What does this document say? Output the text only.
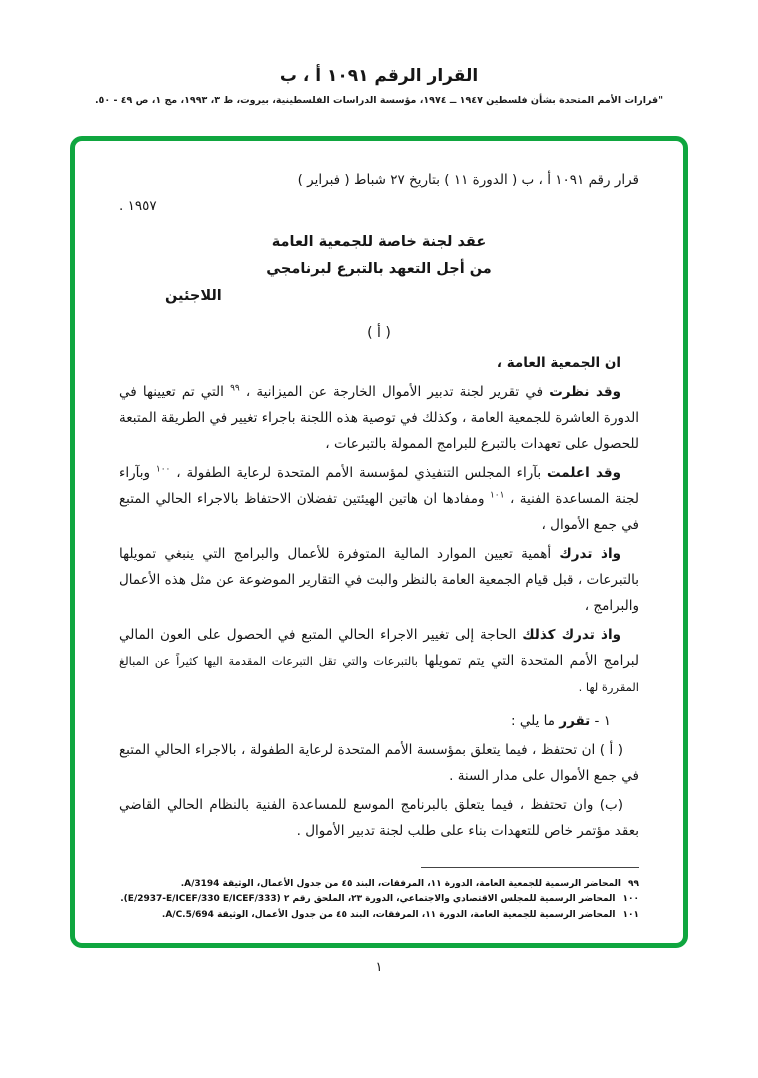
القرار الرقم ١٠٩١ أ ، ب
"قرارات الأمم المتحدة بشأن فلسطين ١٩٤٧ ــ ١٩٧٤، مؤسسة الدراسات الفلسطينية، بيروت، ط ٣، ١٩٩٣، مج ١، ص ٤٩ - ٥٠.
قرار رقم ١٠٩١ أ ، ب ( الدورة ١١ ) بتاريخ ٢٧ شباط ( فبراير )
١٩٥٧ .
عقد لجنة خاصة للجمعية العامة
من أجل التعهد بالتبرع لبرنامجي
اللاجئين
( أ )
ان الجمعية العامة ،

وقد نظرت في تقرير لجنة تدبير الأموال الخارجة عن الميزانية ، $^{٩٩}$ التي تم تعيينها في الدورة العاشرة للجمعية العامة ، وكذلك في توصية هذه اللجنة باجراء تغيير في الطريقة المتبعة للحصول على تعهدات بالتبرع للبرامج الممولة بالتبرعات ،

وقد اعلمت بآراء المجلس التنفيذي لمؤسسة الأمم المتحدة لرعاية الطفولة ، $^{١٠٠}$ وبآراء لجنة المساعدة الفنية ، $^{١٠١}$ ومفادها ان هاتين الهيئتين تفضلان الاحتفاظ بالاجراء الحالي المتبع في جمع الأموال ،

واذ تدرك أهمية تعيين الموارد المالية المتوفرة للأعمال والبرامج التي ينبغي تمويلها بالتبرعات ، قبل قيام الجمعية العامة بالنظر والبت في التقارير الموضوعة عن مثل هذه الأعمال والبرامج ،

واذ تدرك كذلك الحاجة إلى تغيير الاجراء الحالي المتبع في الحصول على العون المالي لبرامج الأمم المتحدة التي يتم تمويلها بالتبرعات والتي تقل التبرعات المقدمة اليها كثيراً عن المبالغ المقررة لها .

١ - تقرر ما يلي :

( أ ) ان تحتفظ ، فيما يتعلق بمؤسسة الأمم المتحدة لرعاية الطفولة ، بالاجراء الحالي المتبع في جمع الأموال على مدار السنة .

(ب) وان تحتفظ ، فيما يتعلق بالبرنامج الموسع للمساعدة الفنية بالنظام الحالي القاضي بعقد مؤتمر خاص للتعهدات بناء على طلب لجنة تدبير الأموال .

٩٩المحاضر الرسمية للجمعية العامة، الدورة ١١، المرفقات، البند ٤٥ من جدول الأعمال، الوثيقة A/3194.
١٠٠المحاضر الرسمية للمجلس الاقتصادي والاجتماعي، الدورة ٢٣، الملحق رقم ٢ (E/2937-E/ICEF/330 E/ICEF/333).
١٠١المحاضر الرسمية للجمعية العامة، الدورة ١١، المرفقات، البند ٤٥ من جدول الأعمال، الوثيقة A/C.5/694.
١
